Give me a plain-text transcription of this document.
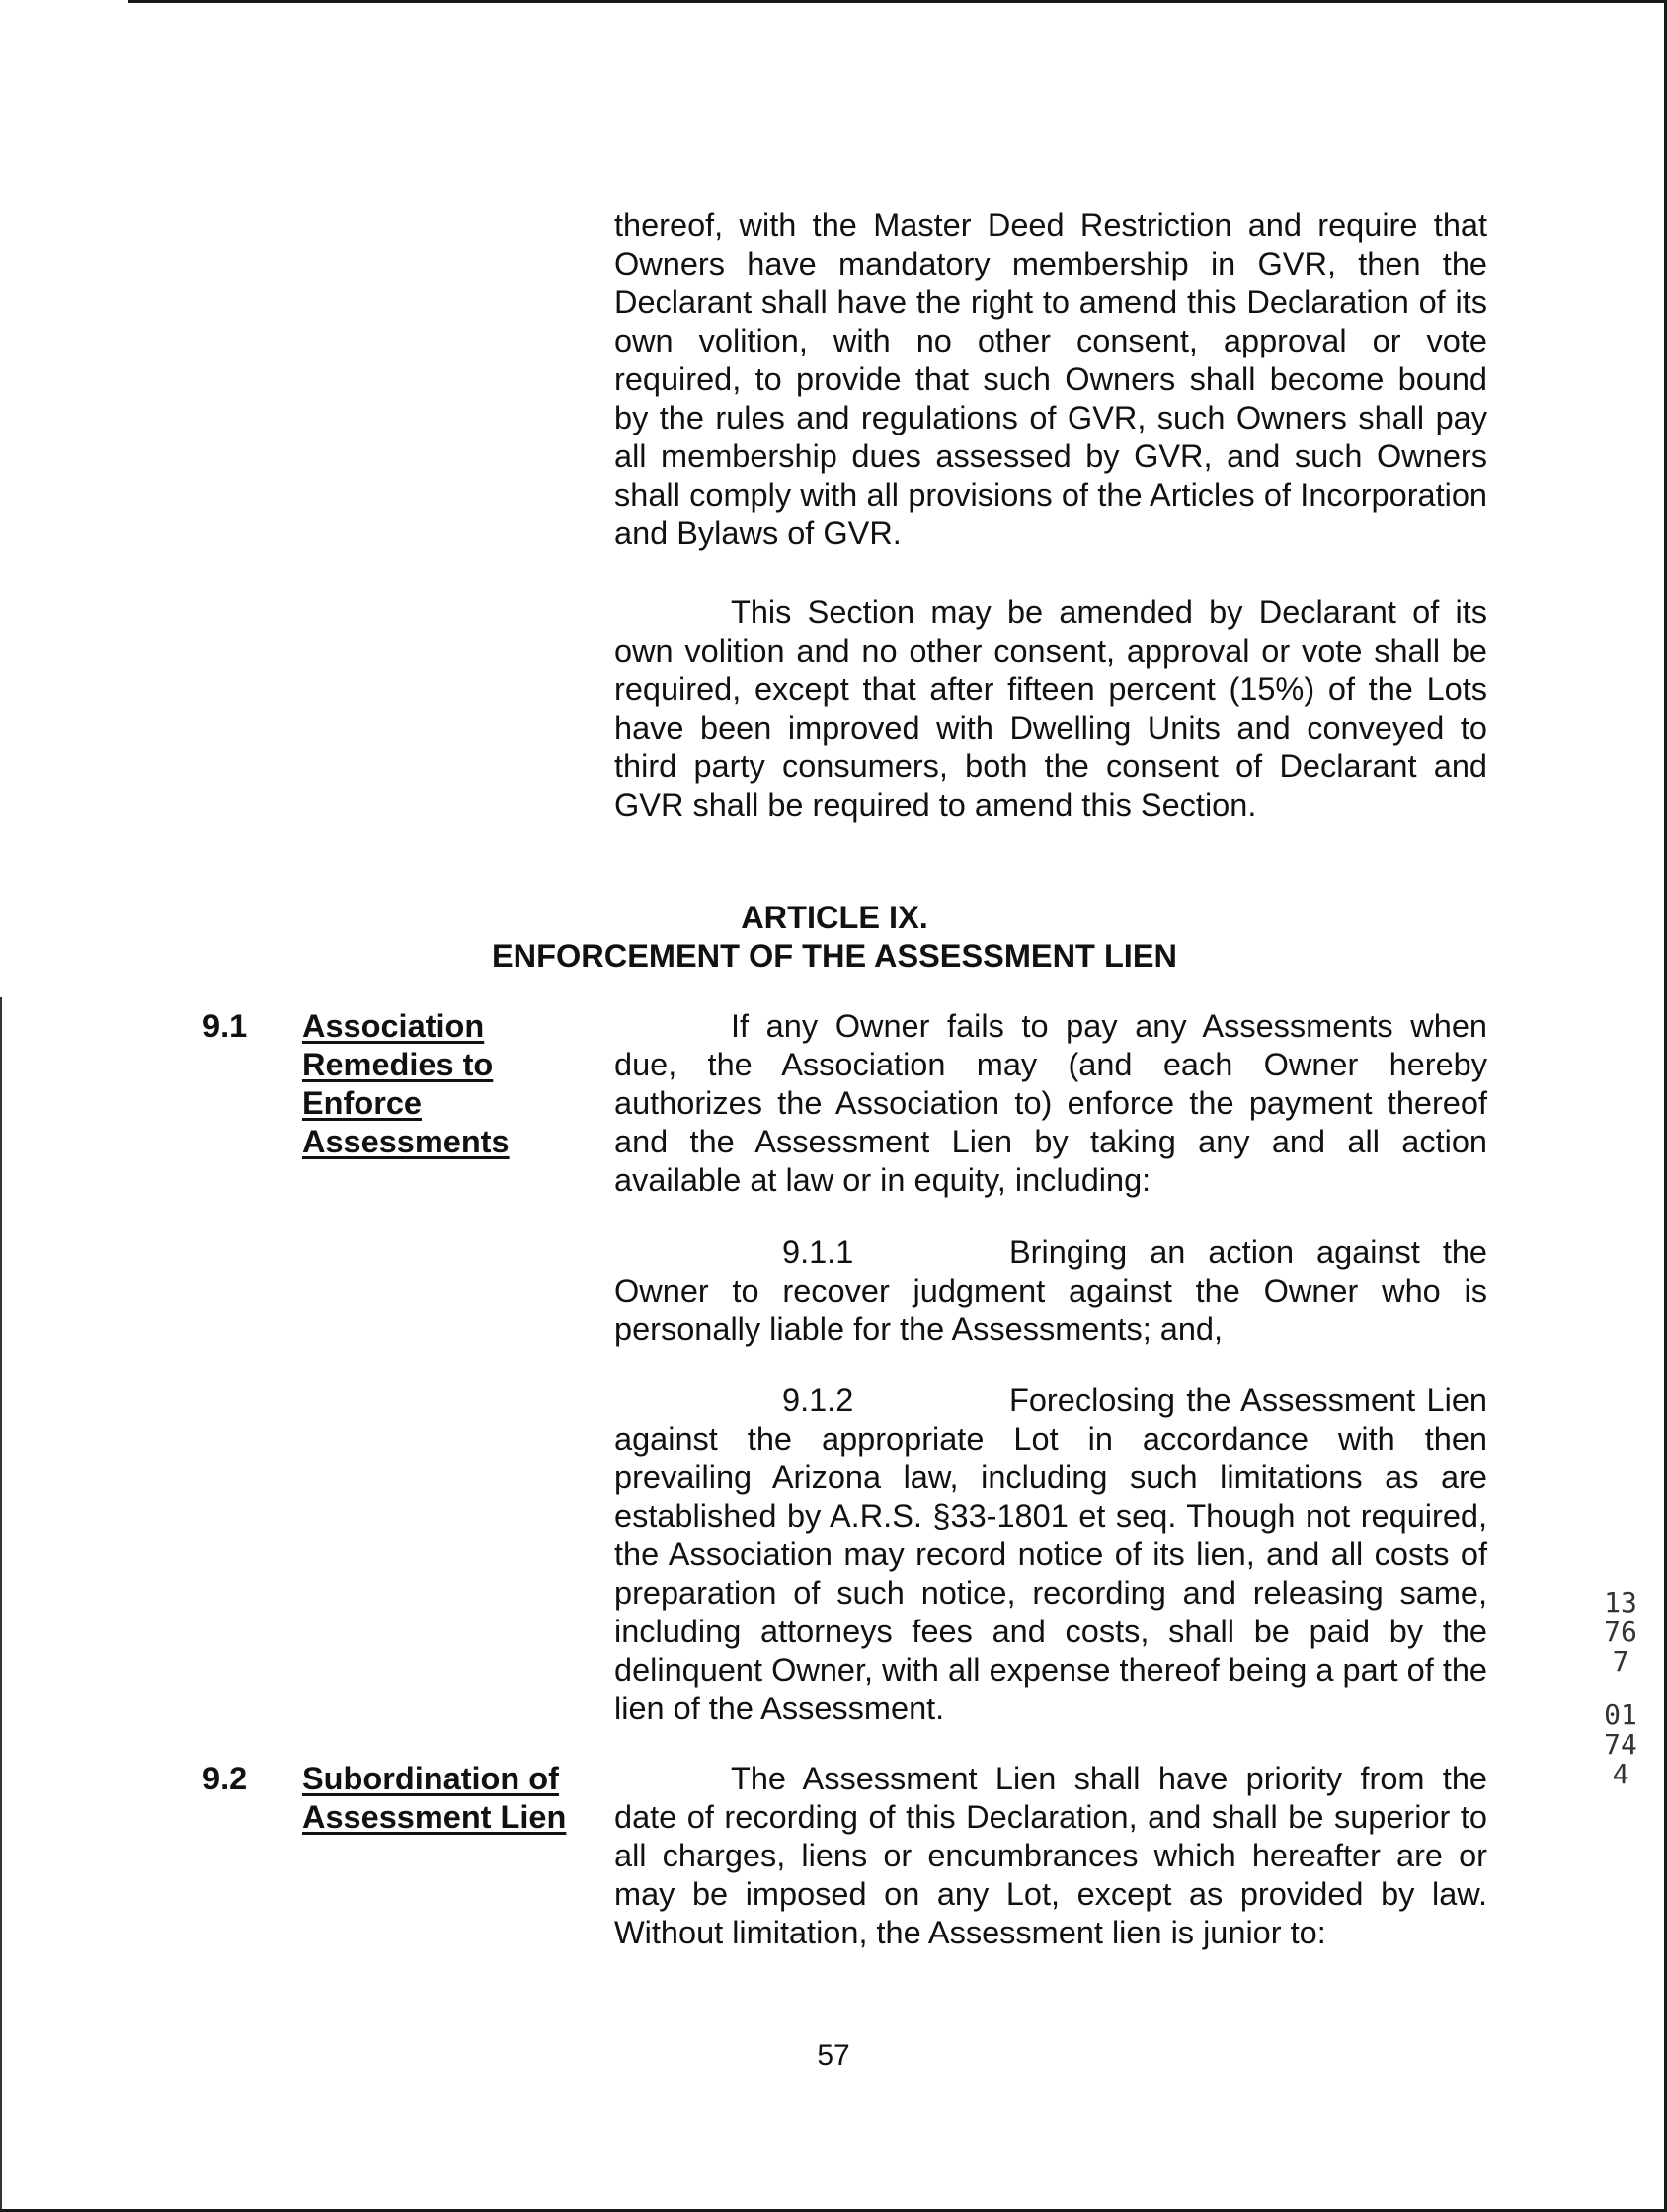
thereof, with the Master Deed Restriction and require that Owners have mandatory membership in GVR, then the Declarant shall have the right to amend this Declaration of its own volition, with no other consent, approval or vote required, to provide that such Owners shall become bound by the rules and regulations of GVR, such Owners shall pay all membership dues assessed by GVR, and such Owners shall comply with all provisions of the Articles of Incorporation and Bylaws of GVR.

This Section may be amended by Declarant of its own volition and no other consent, approval or vote shall be required, except that after fifteen percent (15%) of the Lots have been improved with Dwelling Units and conveyed to third party consumers, both the consent of Declarant and GVR shall be required to amend this Section.

ARTICLE IX.
ENFORCEMENT OF THE ASSESSMENT LIEN
9.1 Association
Remedies to
Enforce
Assessments

If any Owner fails to pay any Assessments when due, the Association may (and each Owner hereby authorizes the Association to) enforce the payment thereof and the Assessment Lien by taking any and all action available at law or in equity, including:

9.1.1	Bringing an action against the Owner to recover judgment against the Owner who is personally liable for the Assessments; and,

9.1.2	Foreclosing the Assessment Lien against the appropriate Lot in accordance with then prevailing Arizona law, including such limitations as are established by A.R.S. §33-1801 et seq. Though not required, the Association may record notice of its lien, and all costs of preparation of such notice, recording and releasing same, including attorneys fees and costs, shall be paid by the delinquent Owner, with all expense thereof being a part of the lien of the Assessment.

9.2 Subordination of
Assessment Lien

The Assessment Lien shall have priority from the date of recording of this Declaration, and shall be superior to all charges, liens or encumbrances which hereafter are or may be imposed on any Lot, except as provided by law. Without limitation, the Assessment lien is junior to:

57
13767
01744
